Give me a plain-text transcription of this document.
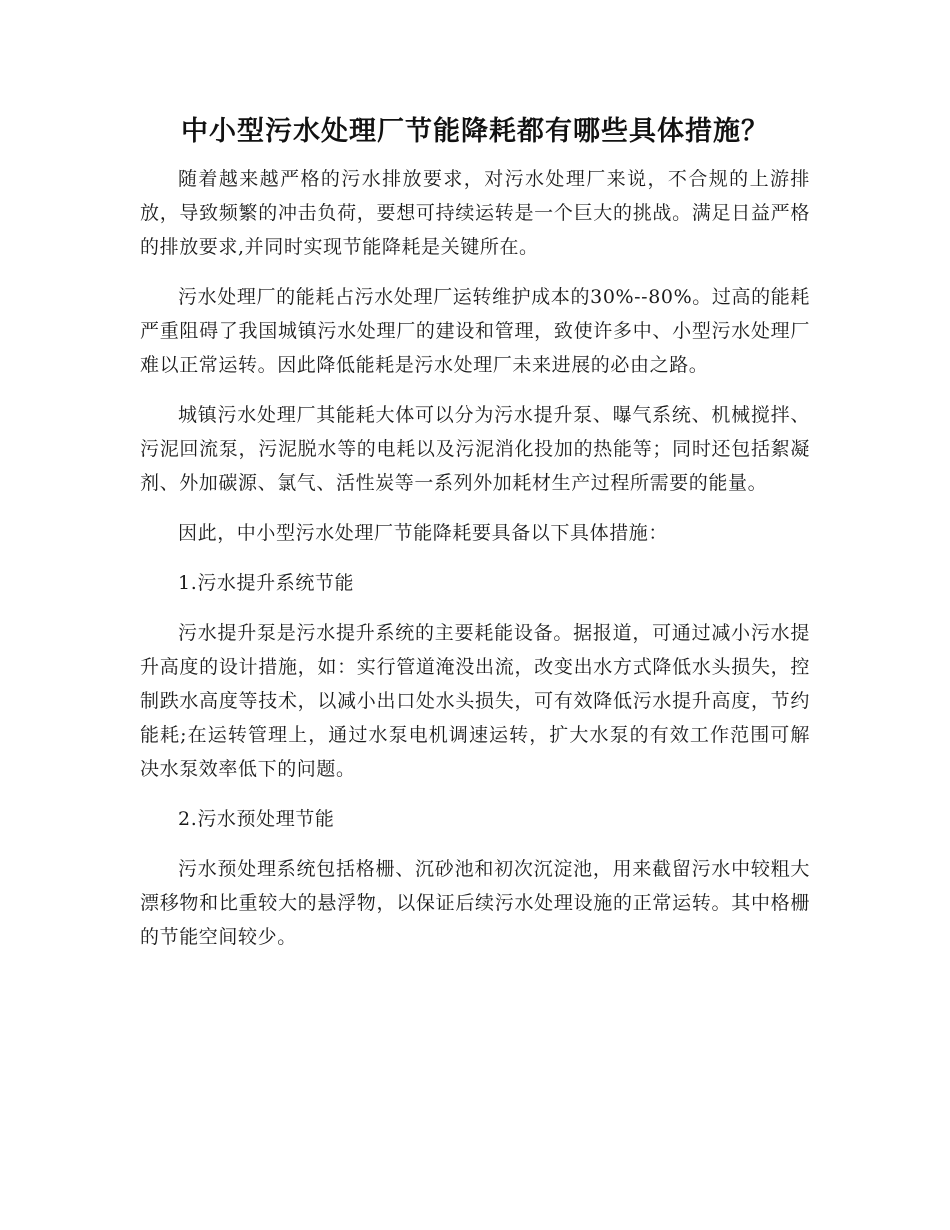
中小型污水处理厂节能降耗都有哪些具体措施？

随着越来越严格的污水排放要求，对污水处理厂来说，不合规的上游排放，导致频繁的冲击负荷，要想可持续运转是一个巨大的挑战。满足日益严格的排放要求,并同时实现节能降耗是关键所在。

污水处理厂的能耗占污水处理厂运转维护成本的30%--80%。过高的能耗严重阻碍了我国城镇污水处理厂的建设和管理，致使许多中、小型污水处理厂难以正常运转。因此降低能耗是污水处理厂未来进展的必由之路。

城镇污水处理厂其能耗大体可以分为污水提升泵、曝气系统、机械搅拌、污泥回流泵，污泥脱水等的电耗以及污泥消化投加的热能等；同时还包括絮凝剂、外加碳源、氯气、活性炭等一系列外加耗材生产过程所需要的能量。

因此，中小型污水处理厂节能降耗要具备以下具体措施：

1.污水提升系统节能

污水提升泵是污水提升系统的主要耗能设备。据报道，可通过减小污水提升高度的设计措施，如：实行管道淹没出流，改变出水方式降低水头损失，控制跌水高度等技术，以减小出口处水头损失，可有效降低污水提升高度，节约能耗;在运转管理上，通过水泵电机调速运转，扩大水泵的有效工作范围可解决水泵效率低下的问题。

2.污水预处理节能

污水预处理系统包括格栅、沉砂池和初次沉淀池，用来截留污水中较粗大漂移物和比重较大的悬浮物，以保证后续污水处理设施的正常运转。其中格栅的节能空间较少。
